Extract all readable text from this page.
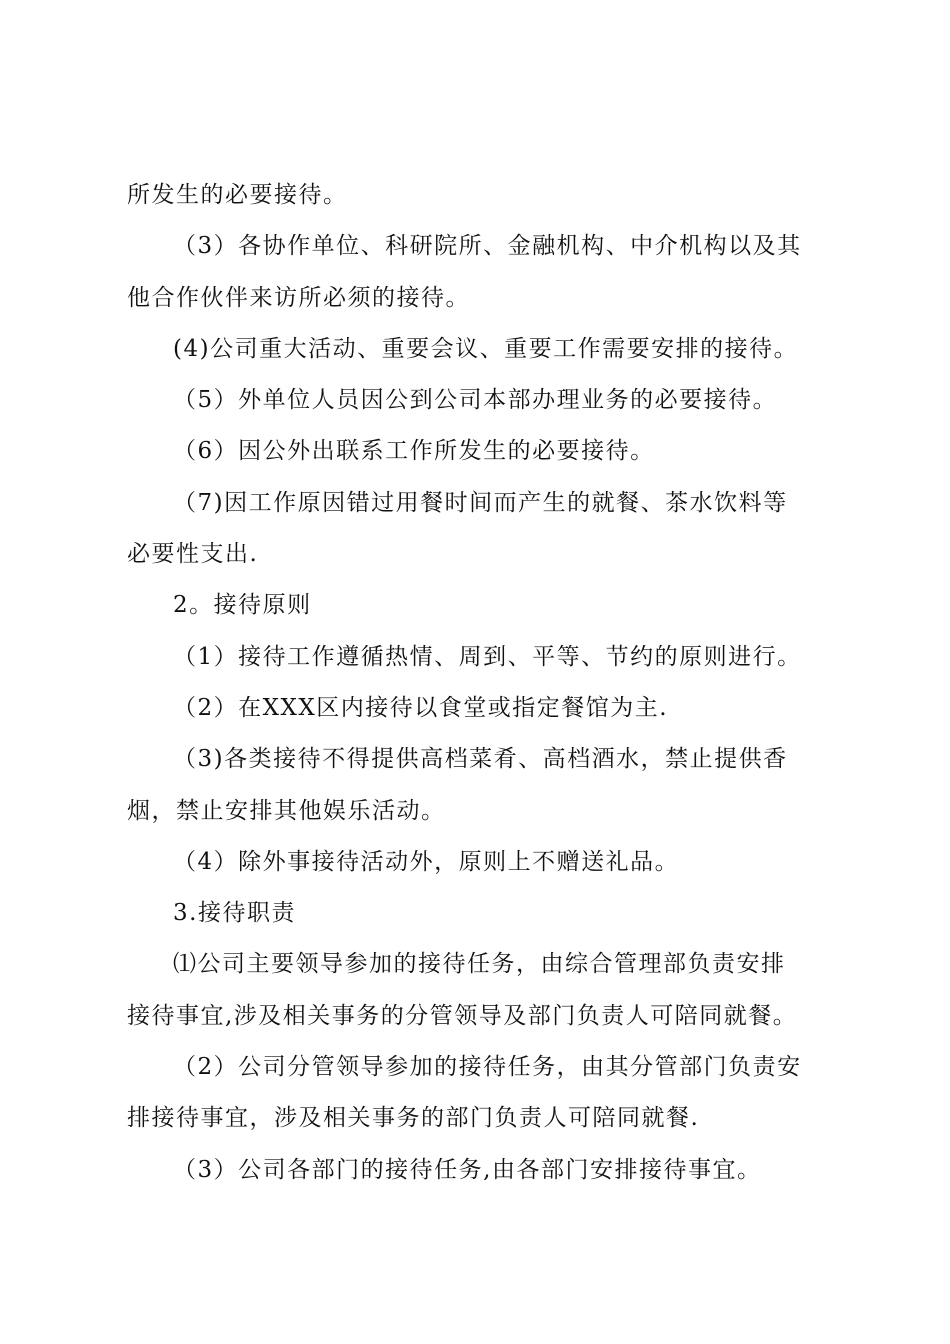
所发生的必要接待。
（3）各协作单位、科研院所、金融机构、中介机构以及其
他合作伙伴来访所必须的接待。
(4)公司重大活动、重要会议、重要工作需要安排的接待。
（5）外单位人员因公到公司本部办理业务的必要接待。
（6）因公外出联系工作所发生的必要接待。
（7)因工作原因错过用餐时间而产生的就餐、茶水饮料等
必要性支出.
2。接待原则
（1）接待工作遵循热情、周到、平等、节约的原则进行。
（2）在XXX区内接待以食堂或指定餐馆为主.
（3)各类接待不得提供高档菜肴、高档酒水，禁止提供香
烟，禁止安排其他娱乐活动。
（4）除外事接待活动外，原则上不赠送礼品。
3.接待职责
⑴公司主要领导参加的接待任务，由综合管理部负责安排
接待事宜,涉及相关事务的分管领导及部门负责人可陪同就餐。
（2）公司分管领导参加的接待任务，由其分管部门负责安
排接待事宜，涉及相关事务的部门负责人可陪同就餐.
（3）公司各部门的接待任务,由各部门安排接待事宜。
